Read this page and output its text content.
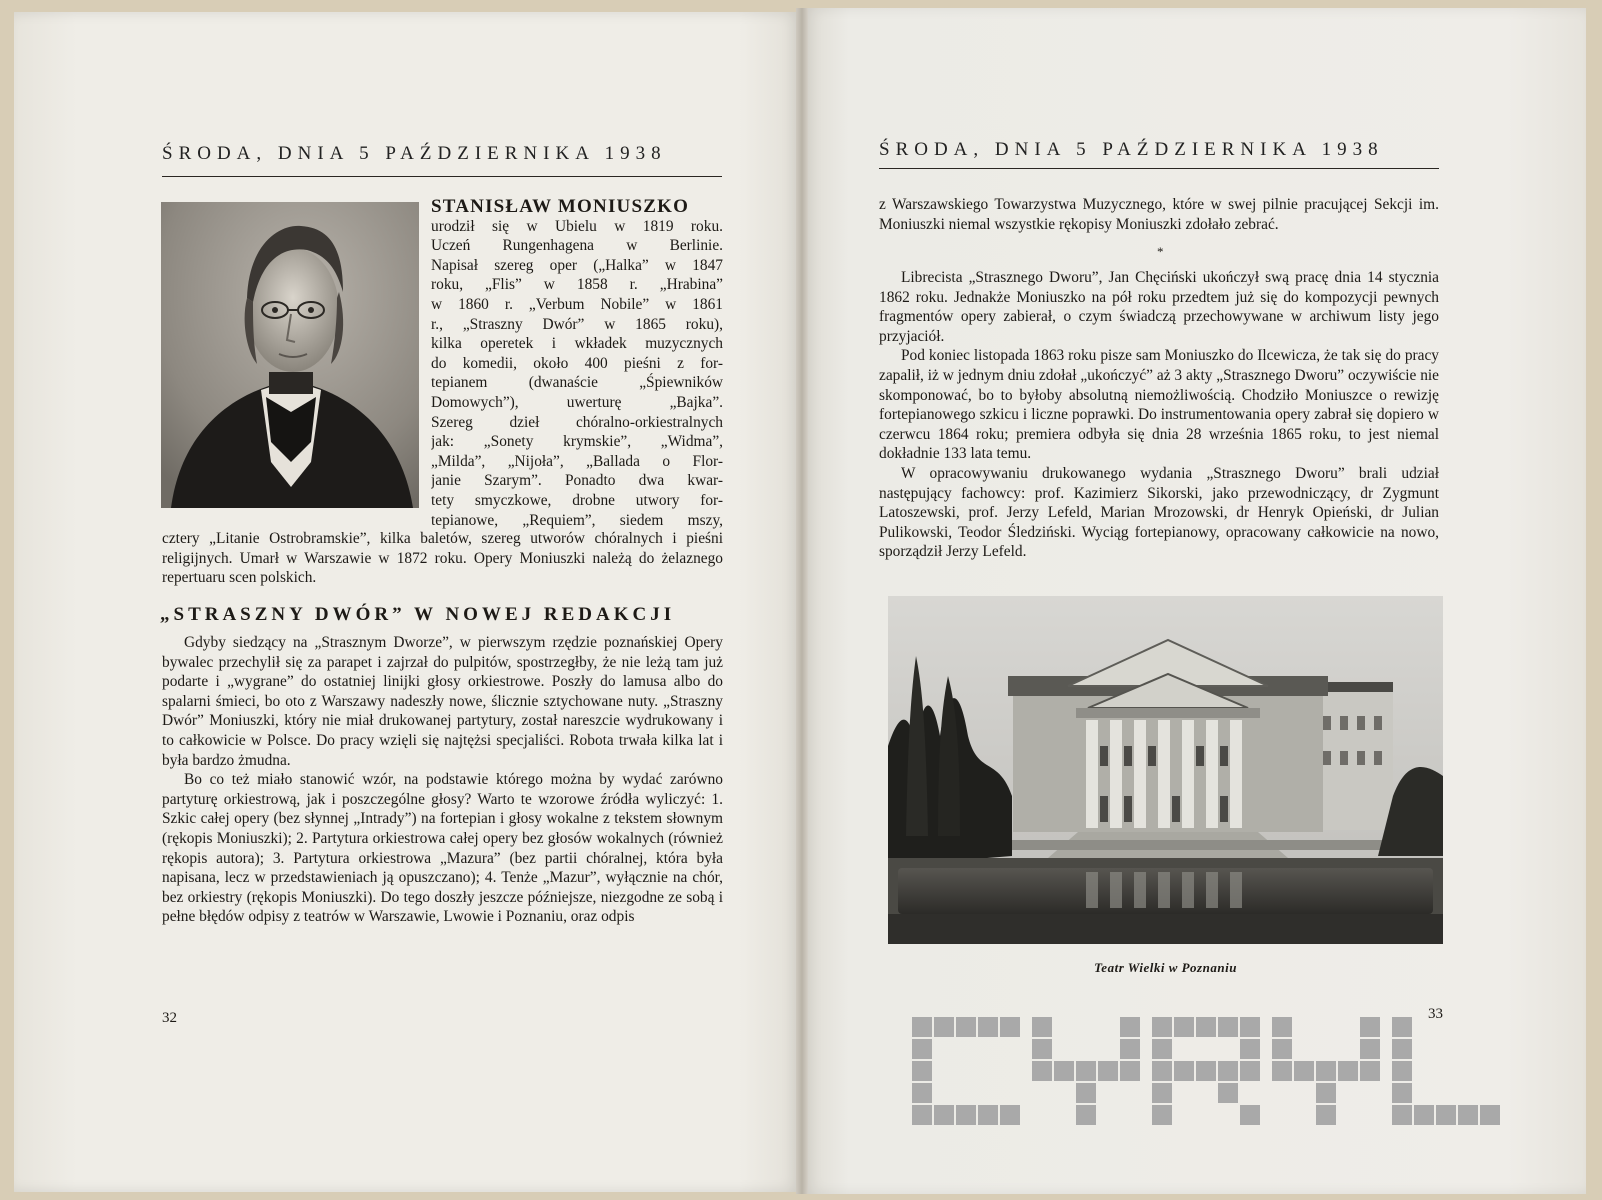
ŚRODA, DNIA 5 PAŹDZIERNIKA 1938
STANISŁAW MONIUSZKO
urodził się w Ubielu w 1819 roku.
Uczeń Rungenhagena w Berlinie.
Napisał szereg oper („Halka” w 1847
roku, „Flis” w 1858 r. „Hrabina”
w 1860 r. „Verbum Nobile” w 1861
r., „Straszny Dwór” w 1865 roku),
kilka operetek i wkładek muzycznych
do komedii, około 400 pieśni z for-
tepianem (dwanaście „Śpiewników
Domowych”), uwerturę „Bajka”.
Szereg dzieł chóralno-orkiestralnych
jak: „Sonety krymskie”, „Widma”,
„Milda”, „Nijoła”, „Ballada o Flor-
janie Szarym”. Ponadto dwa kwar-
tety smyczkowe, drobne utwory for-
tepianowe, „Requiem”, siedem mszy,

cztery „Litanie Ostrobramskie”, kilka baletów, szereg utworów chóralnych i pieśni religijnych. Umarł w Warszawie w 1872 roku. Opery Moniuszki należą do żelaznego repertuaru scen polskich.

„STRASZNY DWÓR” W NOWEJ REDAKCJI

Gdyby siedzący na „Strasznym Dworze”, w pierwszym rzędzie poznańskiej Opery bywalec przechylił się za parapet i zajrzał do pulpitów, spostrzegłby, że nie leżą tam już podarte i „wygrane” do ostatniej linijki głosy orkiestrowe. Poszły do lamusa albo do spalarni śmieci, bo oto z Warszawy nadeszły nowe, ślicznie sztychowane nuty. „Straszny Dwór” Moniuszki, który nie miał drukowanej partytury, został nareszcie wydrukowany i to całkowicie w Polsce. Do pracy wzięli się najtężsi specjaliści. Robota trwała kilka lat i była bardzo żmudna.

Bo co też miało stanowić wzór, na podstawie którego można by wydać zarówno partyturę orkiestrową, jak i poszczególne głosy? Warto te wzorowe źródła wyliczyć: 1. Szkic całej opery (bez słynnej „Intrady”) na fortepian i głosy wokalne z tekstem słownym (rękopis Moniuszki); 2. Partytura orkiestrowa całej opery bez głosów wokalnych (również rękopis autora); 3. Partytura orkiestrowa „Mazura” (bez partii chóralnej, która była napisana, lecz w przedstawieniach ją opuszczano); 4. Tenże „Mazur”, wyłącznie na chór, bez orkiestry (rękopis Moniuszki). Do tego doszły jeszcze późniejsze, niezgodne ze sobą i pełne błędów odpisy z teatrów w Warszawie, Lwowie i Poznaniu, oraz odpis

32
ŚRODA, DNIA 5 PAŹDZIERNIKA 1938

z Warszawskiego Towarzystwa Muzycznego, które w swej pilnie pracującej Sekcji im. Moniuszki niemal wszystkie rękopisy Moniuszki zdołało zebrać.

*

Librecista „Strasznego Dworu”, Jan Chęciński ukończył swą pracę dnia 14 stycznia 1862 roku. Jednakże Moniuszko na pół roku przedtem już się do kompozycji pewnych fragmentów opery zabierał, o czym świadczą przechowywane w archiwum listy jego przyjaciół.

Pod koniec listopada 1863 roku pisze sam Moniuszko do Ilcewicza, że tak się do pracy zapalił, iż w jednym dniu zdołał „ukończyć” aż 3 akty „Strasznego Dworu” oczywiście nie skomponować, bo to byłoby absolutną niemożliwością. Chodziło Moniuszce o rewizję fortepianowego szkicu i liczne poprawki. Do instrumentowania opery zabrał się dopiero w czerwcu 1864 roku; premiera odbyła się dnia 28 września 1865 roku, to jest niemal dokładnie 133 lata temu.

W opracowywaniu drukowanego wydania „Strasznego Dworu” brali udział następujący fachowcy: prof. Kazimierz Sikorski, jako przewodniczący, dr Zygmunt Latoszewski, prof. Jerzy Lefeld, Marian Mrozowski, dr Henryk Opieński, dr Julian Pulikowski, Teodor Śledziński. Wyciąg fortepianowy, opracowany całkowicie na nowo, sporządził Jerzy Lefeld.

Teatr Wielki w Poznaniu
33
